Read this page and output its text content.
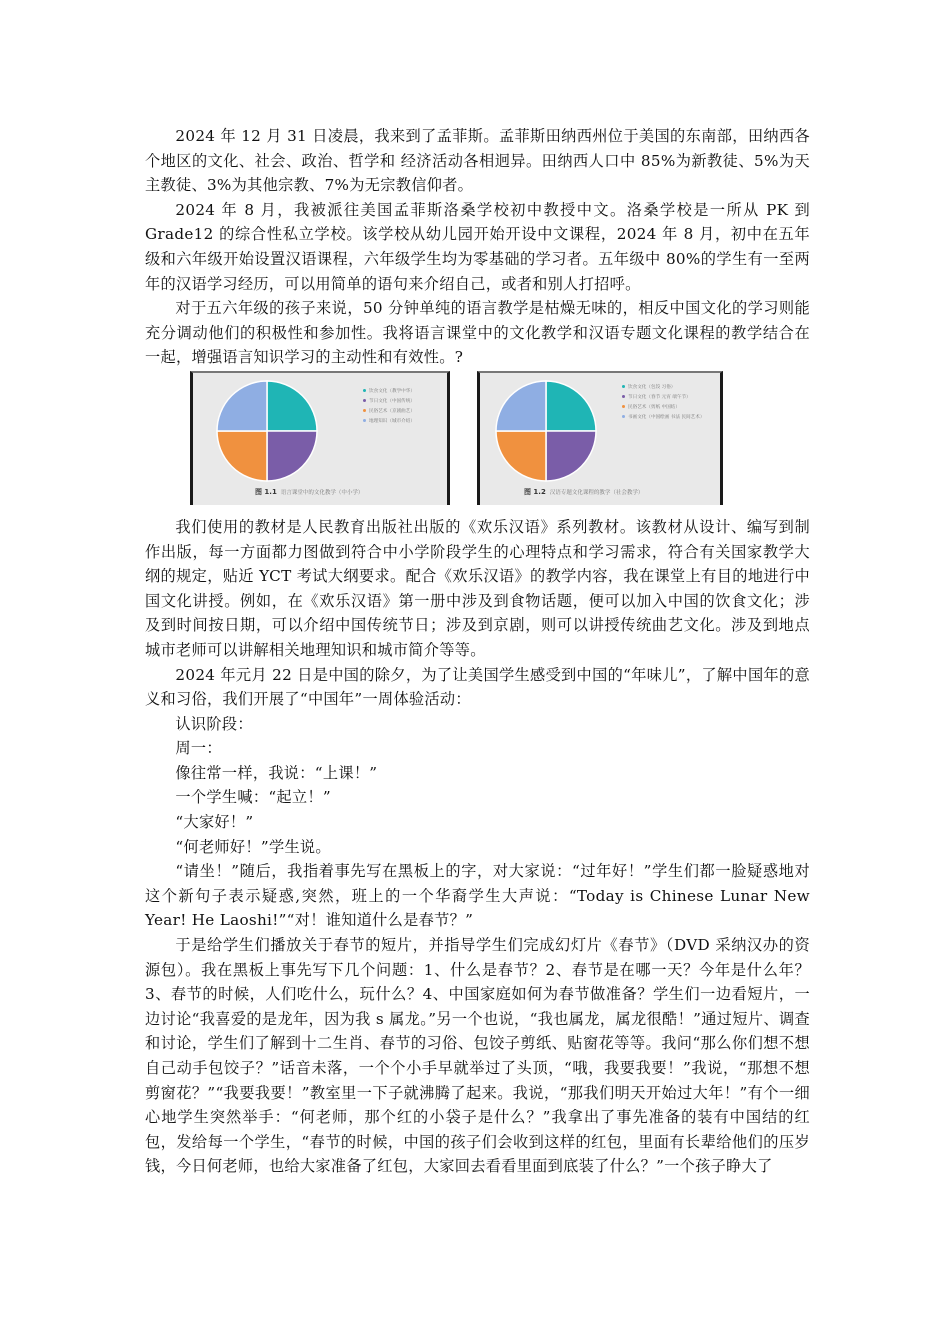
2024 年 12 月 31 日凌晨，我来到了孟菲斯。孟菲斯田纳西州位于美国的东南部，田纳西各个地区的文化、社会、政治、哲学和 经济活动各相迥异。田纳西人口中 85%为新教徒、5%为天主教徒、3%为其他宗教、7%为无宗教信仰者。

2024 年 8 月，我被派往美国孟菲斯洛桑学校初中教授中文。洛桑学校是一所从 PK 到 Grade12 的综合性私立学校。该学校从幼儿园开始开设中文课程，2024 年 8 月，初中在五年级和六年级开始设置汉语课程，六年级学生均为零基础的学习者。五年级中 80%的学生有一至两年的汉语学习经历，可以用简单的语句来介绍自己，或者和别人打招呼。

对于五六年级的孩子来说，50 分钟单纯的语言教学是枯燥无味的，相反中国文化的学习则能充分调动他们的积极性和参加性。我将语言课堂中的文化教学和汉语专题文化课程的教学结合在一起，增强语言知识学习的主动性和有效性。?

饮食文化（教学中华）
节日文化（中国传统）
民俗艺术（京剧曲艺）
地理知识（城市介绍）
图 1.1 语言课堂中的文化教学（中小学）
饮食文化（包饺 习俗）
节日文化（春节 元宵 端午节）
民俗艺术（剪纸 中国结）
书画文化（中国绘画 书法 民间艺术）
图 1.2 汉语专题文化课程的教学（社会教学）

我们使用的教材是人民教育出版社出版的《欢乐汉语》系列教材。该教材从设计、编写到制作出版，每一方面都力图做到符合中小学阶段学生的心理特点和学习需求，符合有关国家教学大纲的规定，贴近 YCT 考试大纲要求。配合《欢乐汉语》的教学内容，我在课堂上有目的地进行中国文化讲授。例如，在《欢乐汉语》第一册中涉及到食物话题，便可以加入中国的饮食文化；涉及到时间按日期，可以介绍中国传统节日；涉及到京剧，则可以讲授传统曲艺文化。涉及到地点城市老师可以讲解相关地理知识和城市简介等等。

2024 年元月 22 日是中国的除夕，为了让美国学生感受到中国的“年味儿”，了解中国年的意义和习俗，我们开展了“中国年”一周体验活动：

认识阶段：

周一：

像往常一样，我说：“上课！”

一个学生喊：“起立！”

“大家好！”

“何老师好！”学生说。

“请坐！”随后，我指着事先写在黑板上的字，对大家说：“过年好！”学生们都一脸疑惑地对这个新句子表示疑惑,突然，班上的一个华裔学生大声说：“Today is Chinese Lunar New Year! He Laoshi!”“对！谁知道什么是春节？”

于是给学生们播放关于春节的短片，并指导学生们完成幻灯片《春节》（DVD 采纳汉办的资源包）。我在黑板上事先写下几个问题：1、什么是春节？2、春节是在哪一天？今年是什么年？3、春节的时候，人们吃什么，玩什么？4、中国家庭如何为春节做准备？学生们一边看短片，一边讨论“我喜爱的是龙年，因为我 s 属龙。”另一个也说，“我也属龙，属龙很酷！”通过短片、调查和讨论，学生们了解到十二生肖、春节的习俗、包饺子剪纸、贴窗花等等。我问“那么你们想不想自己动手包饺子？”话音未落，一个个小手早就举过了头顶，“哦，我要我要！”我说，“那想不想剪窗花？”“我要我要！”教室里一下子就沸腾了起来。我说，“那我们明天开始过大年！”有个一细心地学生突然举手：“何老师，那个红的小袋子是什么？”我拿出了事先准备的装有中国结的红包，发给每一个学生，“春节的时候，中国的孩子们会收到这样的红包，里面有长辈给他们的压岁钱，今日何老师，也给大家准备了红包，大家回去看看里面到底装了什么？”一个孩子睁大了
